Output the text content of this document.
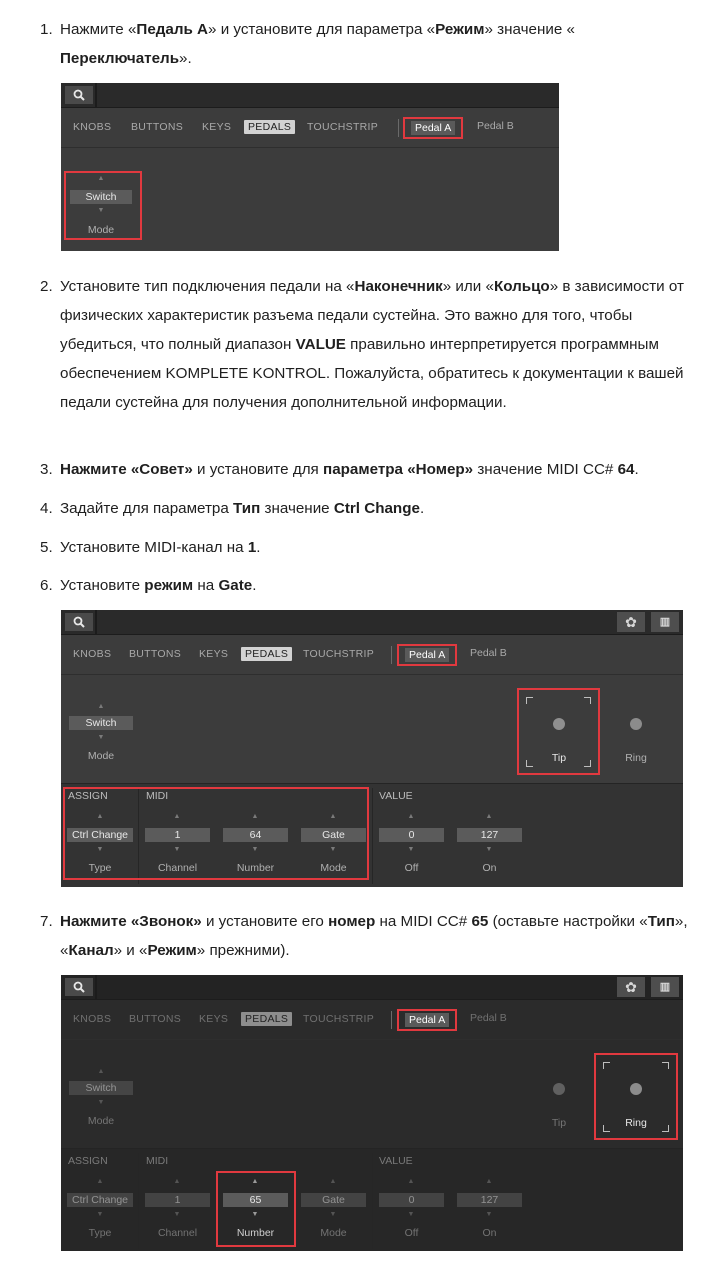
1. Нажмите «Педаль A» и установите для параметра «Режим» значение «
Переключатель».

KNOBS BUTTONS KEYS	PEDALS	TOUCHSTRIP	Pedal A	Pedal B
▲
Switch
▼
Mode

2. Установите тип подключения педали на «Наконечник» или «Кольцо» в зависимости от физических характеристик разъема педали сустейна. Это важно для того, чтобы убедиться, что полный диапазон VALUE правильно интерпретируется программным обеспечением KOMPLETE KONTROL. Пожалуйста, обратитесь к документации к вашей педали сустейна для получения дополнительной информации.

3. Нажмите «Совет» и установите для параметра «Номер» значение MIDI CC# 64.

4. Задайте для параметра Тип значение Ctrl Change.

5. Установите MIDI-канал на 1.

6. Установите режим на Gate.

✿	▥
KNOBS BUTTONS KEYS	PEDALS	TOUCHSTRIP	Pedal A	Pedal B
▲
Switch
▼
Mode	Tip	Ring
ASSIGN	MIDI	VALUE
▲
Ctrl Change
▼
Type
▲
1
▼
Channel
▲
64
▼
Number
▲
Gate
▼
Mode
▲
0
▼
Off
▲
127
▼
On

7. Нажмите «Звонок» и установите его номер на MIDI CC# 65 (оставьте настройки «Тип», «Канал» и «Режим» прежними).

✿	▥
KNOBS BUTTONS KEYS	PEDALS	TOUCHSTRIP	Pedal A	Pedal B
▲
Switch
▼
Mode	Tip	Ring
ASSIGN	MIDI	VALUE
▲
Ctrl Change
▼
Type
▲
1
▼
Channel
▲
Gate
▼
Mode
▲
0
▼
Off
▲
127
▼
On
▲
65
▼
Number
